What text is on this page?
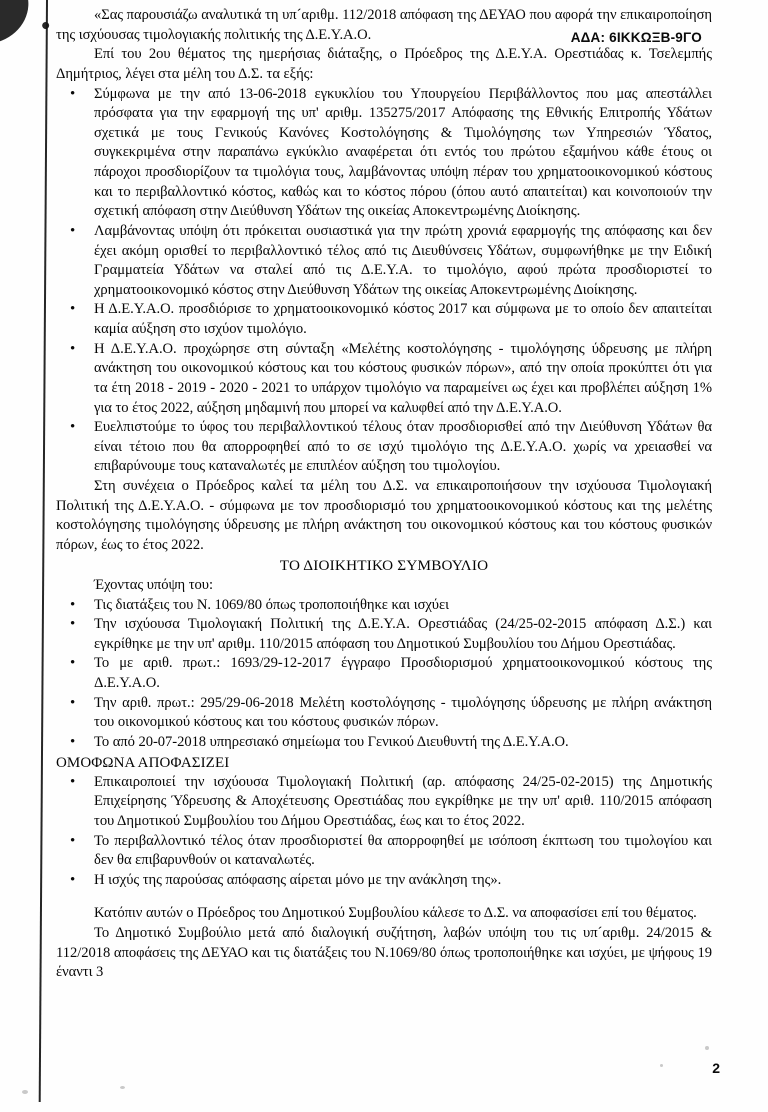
ΑΔΑ: 6ΙΚΚΩΞΒ-9ΓΟ

«Σας παρουσιάζω αναλυτικά τη υπ´αριθμ. 112/2018 απόφαση της ΔΕΥΑΟ που αφορά την επικαιροποίηση της ισχύουσας τιμολογιακής πολιτικής της Δ.Ε.Υ.Α.Ο.

Επί του 2ου θέματος της ημερήσιας διάταξης, ο Πρόεδρος της Δ.Ε.Υ.Α. Ορεστιάδας κ. Τσελεμπής Δημήτριος, λέγει στα μέλη του Δ.Σ. τα εξής:

• Σύμφωνα με την από 13-06-2018 εγκυκλίου του Υπουργείου Περιβάλλοντος που μας απεστάλλει πρόσφατα για την εφαρμογή της υπ' αριθμ. 135275/2017 Απόφασης της Εθνικής Επιτροπής Υδάτων σχετικά με τους Γενικούς Κανόνες Κοστολόγησης & Τιμολόγησης των Υπηρεσιών Ύδατος, συγκεκριμένα στην παραπάνω εγκύκλιο αναφέρεται ότι εντός του πρώτου εξαμήνου κάθε έτους οι πάροχοι προσδιορίζουν τα τιμολόγια τους, λαμβάνοντας υπόψη πέραν του χρηματοοικονομικού κόστους και το περιβαλλοντικό κόστος, καθώς και το κόστος πόρου (όπου αυτό απαιτείται) και κοινοποιούν την σχετική απόφαση στην Διεύθυνση Υδάτων της οικείας Αποκεντρωμένης Διοίκησης.
• Λαμβάνοντας υπόψη ότι πρόκειται ουσιαστικά για την πρώτη χρονιά εφαρμογής της απόφασης και δεν έχει ακόμη ορισθεί το περιβαλλοντικό τέλος από τις Διευθύνσεις Υδάτων, συμφωνήθηκε με την Ειδική Γραμματεία Υδάτων να σταλεί από τις Δ.Ε.Υ.Α. το τιμολόγιο, αφού πρώτα προσδιοριστεί το χρηματοοικονομικό κόστος στην Διεύθυνση Υδάτων της οικείας Αποκεντρωμένης Διοίκησης.
• Η Δ.Ε.Υ.Α.Ο. προσδιόρισε το χρηματοοικονομικό κόστος 2017 και σύμφωνα με το οποίο δεν απαιτείται καμία αύξηση στο ισχύον τιμολόγιο.
• Η Δ.Ε.Υ.Α.Ο. προχώρησε στη σύνταξη «Μελέτης κοστολόγησης - τιμολόγησης ύδρευσης με πλήρη ανάκτηση του οικονομικού κόστους και του κόστους φυσικών πόρων», από την οποία προκύπτει ότι για τα έτη 2018 - 2019 - 2020 - 2021 το υπάρχον τιμολόγιο να παραμείνει ως έχει και προβλέπει αύξηση 1% για το έτος 2022, αύξηση μηδαμινή που μπορεί να καλυφθεί από την Δ.Ε.Υ.Α.Ο.
• Ευελπιστούμε το ύφος του περιβαλλοντικού τέλους όταν προσδιορισθεί από την Διεύθυνση Υδάτων θα είναι τέτοιο που θα απορροφηθεί από το σε ισχύ τιμολόγιο της Δ.Ε.Υ.Α.Ο. χωρίς να χρειασθεί να επιβαρύνουμε τους καταναλωτές με επιπλέον αύξηση του τιμολογίου.

Στη συνέχεια ο Πρόεδρος καλεί τα μέλη του Δ.Σ. να επικαιροποιήσουν την ισχύουσα Τιμολογιακή Πολιτική της Δ.Ε.Υ.Α.Ο. - σύμφωνα με τον προσδιορισμό του χρηματοοικονομικού κόστους και της μελέτης κοστολόγησης τιμολόγησης ύδρευσης με πλήρη ανάκτηση του οικονομικού κόστους και του κόστους φυσικών πόρων, έως το έτος 2022.

ΤΟ ΔΙΟΙΚΗΤΙΚΟ ΣΥΜΒΟΥΛΙΟ

Έχοντας υπόψη του:

• Τις διατάξεις του Ν. 1069/80 όπως τροποποιήθηκε και ισχύει
• Την ισχύουσα Τιμολογιακή Πολιτική της Δ.Ε.Υ.Α. Ορεστιάδας (24/25-02-2015 απόφαση Δ.Σ.) και εγκρίθηκε με την υπ' αριθμ. 110/2015 απόφαση του Δημοτικού Συμβουλίου του Δήμου Ορεστιάδας.
• Το με αριθ. πρωτ.: 1693/29-12-2017 έγγραφο Προσδιορισμού χρηματοοικονομικού κόστους της Δ.Ε.Υ.Α.Ο.
• Την αριθ. πρωτ.: 295/29-06-2018 Μελέτη κοστολόγησης - τιμολόγησης ύδρευσης με πλήρη ανάκτηση του οικονομικού κόστους και του κόστους φυσικών πόρων.
• Το από 20-07-2018 υπηρεσιακό σημείωμα του Γενικού Διευθυντή της Δ.Ε.Υ.Α.Ο.

ΟΜΟΦΩΝΑ ΑΠΟΦΑΣΙΖΕΙ

• Επικαιροποιεί την ισχύουσα Τιμολογιακή Πολιτική (αρ. απόφασης 24/25-02-2015) της Δημοτικής Επιχείρησης Ύδρευσης & Αποχέτευσης Ορεστιάδας που εγκρίθηκε με την υπ' αριθ. 110/2015 απόφαση του Δημοτικού Συμβουλίου του Δήμου Ορεστιάδας, έως και το έτος 2022.
• Το περιβαλλοντικό τέλος όταν προσδιοριστεί θα απορροφηθεί με ισόποση έκπτωση του τιμολογίου και δεν θα επιβαρυνθούν οι καταναλωτές.
• Η ισχύς της παρούσας απόφασης αίρεται μόνο με την ανάκληση της».

Κατόπιν αυτών ο Πρόεδρος του Δημοτικού Συμβουλίου κάλεσε το Δ.Σ. να αποφασίσει επί του θέματος.

Το Δημοτικό Συμβούλιο μετά από διαλογική συζήτηση, λαβών υπόψη του τις υπ´αριθμ. 24/2015 & 112/2018 αποφάσεις της ΔΕΥΑΟ και τις διατάξεις του Ν.1069/80 όπως τροποποιήθηκε και ισχύει, με ψήφους 19 έναντι 3

2
